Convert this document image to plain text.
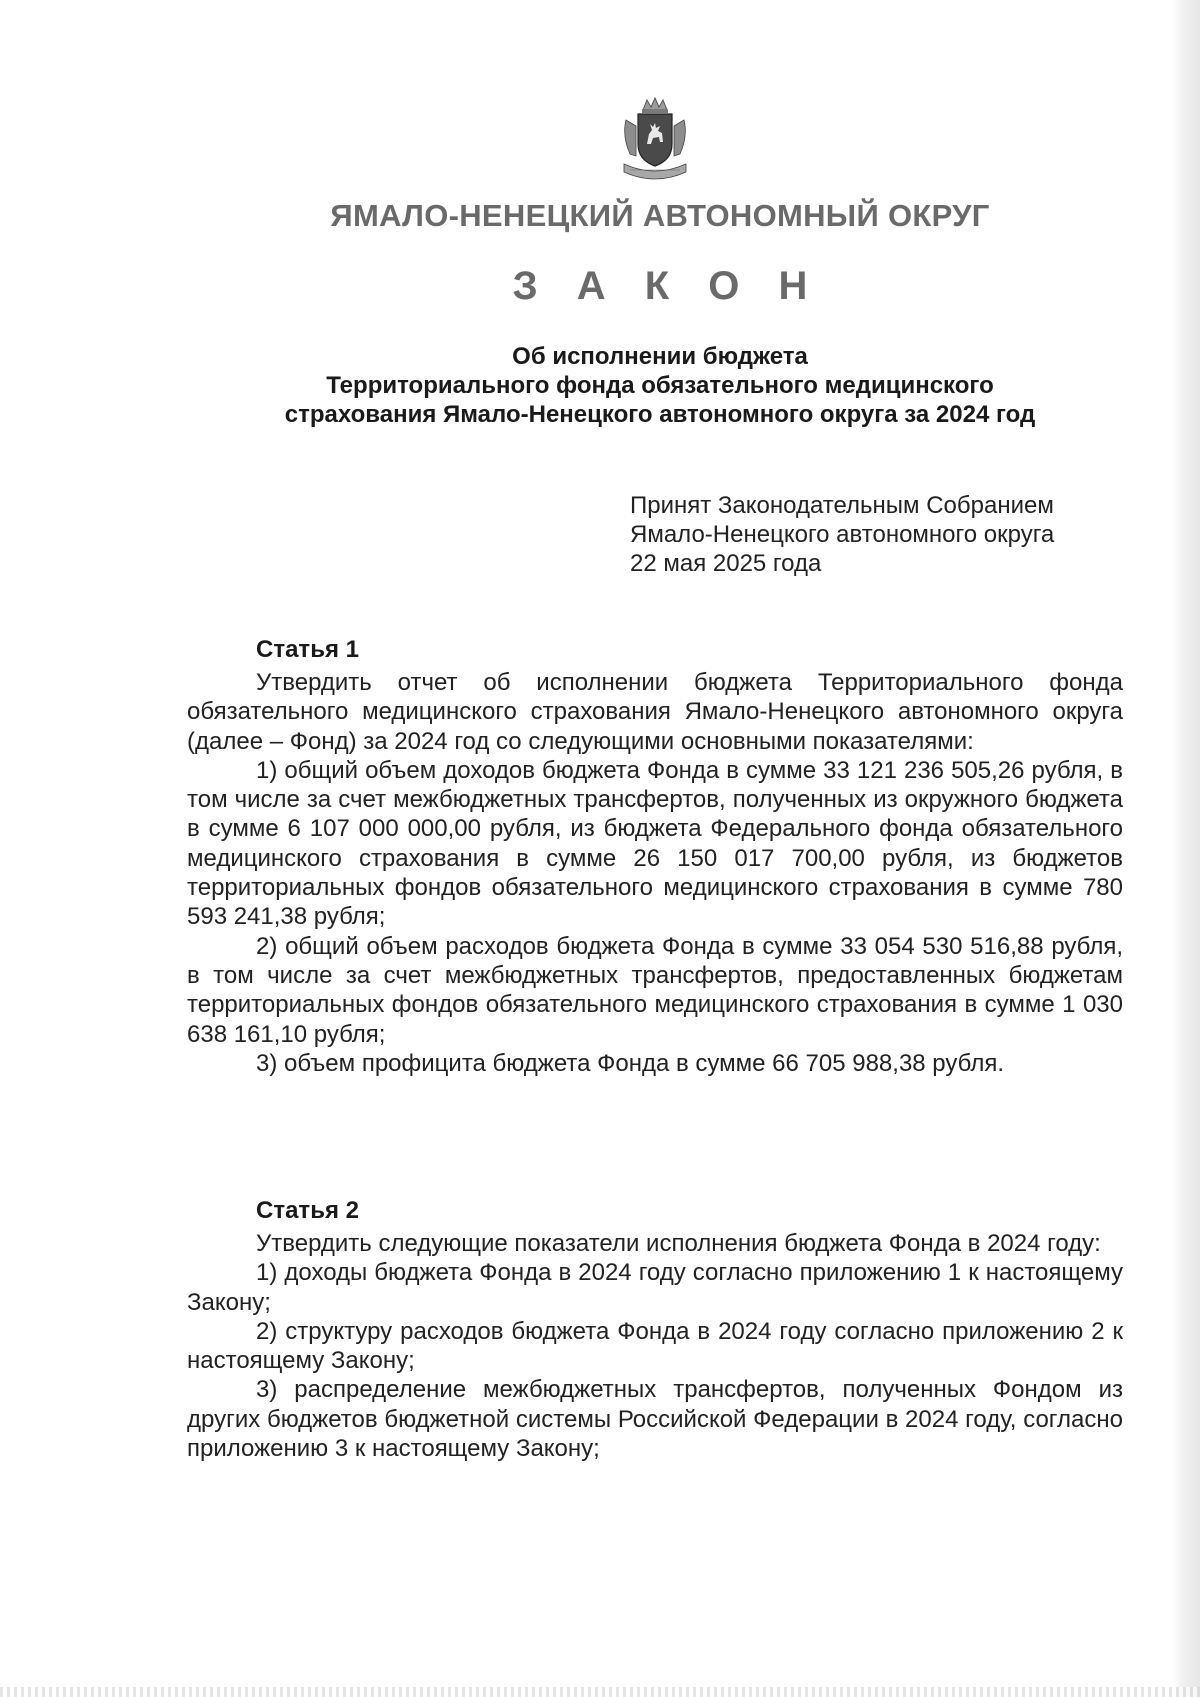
ЯМАЛО-НЕНЕЦКИЙ АВТОНОМНЫЙ ОКРУГ
З А К О Н
Об исполнении бюджета
Территориального фонда обязательного медицинского
страхования Ямало-Ненецкого автономного округа за 2024 год
Принят Законодательным Собранием
Ямало-Ненецкого автономного округа
22 мая 2025 года
Статья 1

Утвердить отчет об исполнении бюджета Территориального фонда обязательного медицинского страхования Ямало-Ненецкого автономного округа (далее – Фонд) за 2024 год со следующими основными показателями:

1) общий объем доходов бюджета Фонда в сумме 33 121 236 505,26 рубля, в том числе за счет межбюджетных трансфертов, полученных из окружного бюджета в сумме 6 107 000 000,00 рубля, из бюджета Федерального фонда обязательного медицинского страхования в сумме 26 150 017 700,00 рубля, из бюджетов территориальных фондов обязательного медицинского страхования в сумме 780 593 241,38 рубля;

2) общий объем расходов бюджета Фонда в сумме 33 054 530 516,88 рубля, в том числе за счет межбюджетных трансфертов, предоставленных бюджетам территориальных фондов обязательного медицинского страхования в сумме 1 030 638 161,10 рубля;

3) объем профицита бюджета Фонда в сумме 66 705 988,38 рубля.

Статья 2

Утвердить следующие показатели исполнения бюджета Фонда в 2024 году:

1) доходы бюджета Фонда в 2024 году согласно приложению 1 к настоящему Закону;

2) структуру расходов бюджета Фонда в 2024 году согласно приложению 2 к настоящему Закону;

3) распределение межбюджетных трансфертов, полученных Фондом из других бюджетов бюджетной системы Российской Федерации в 2024 году, согласно приложению 3 к настоящему Закону;
